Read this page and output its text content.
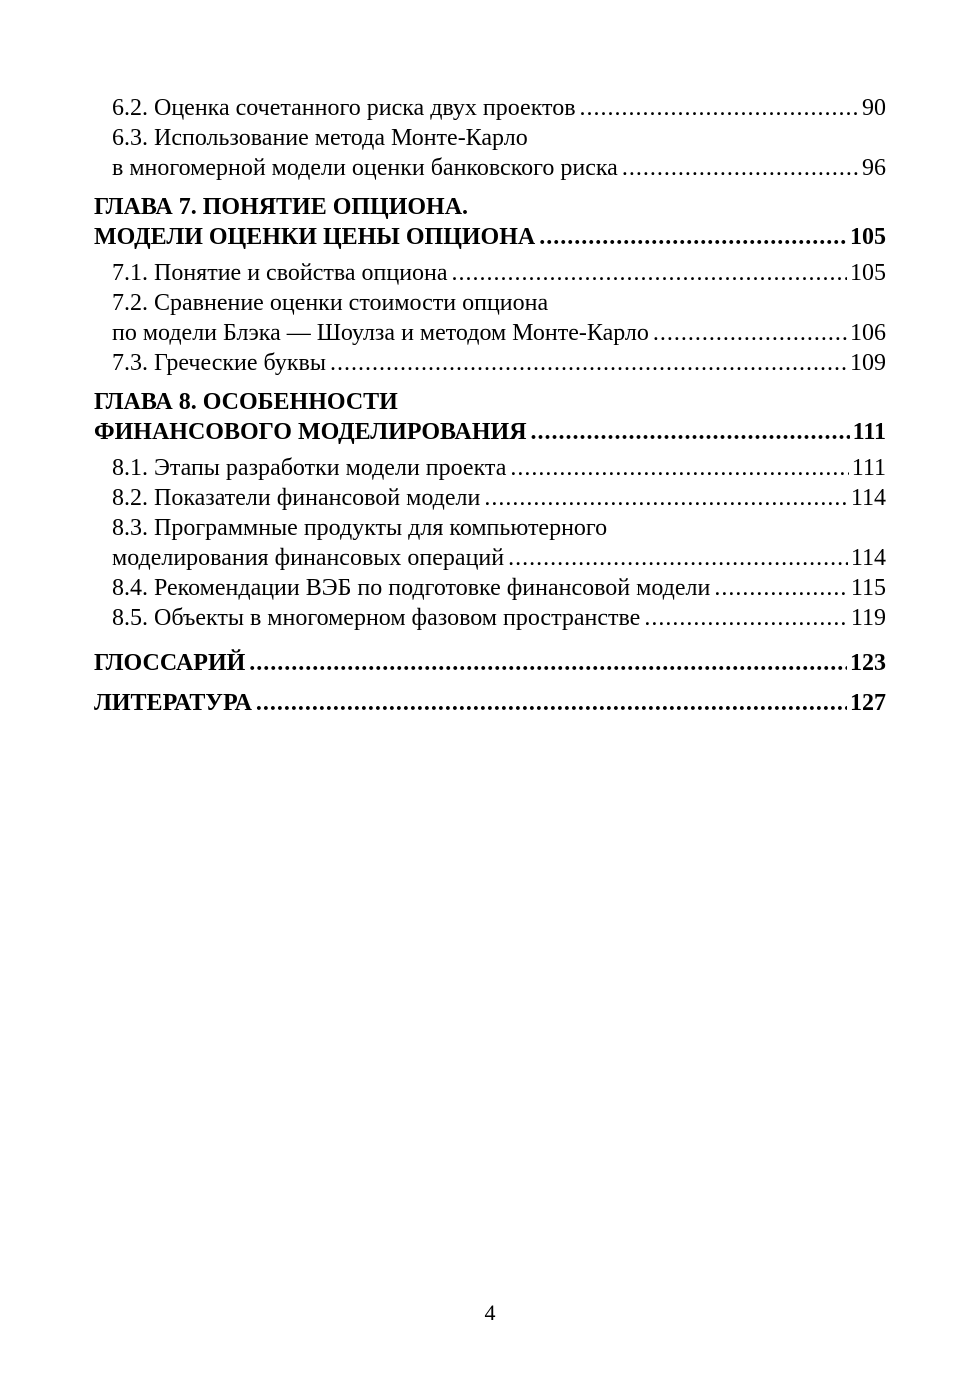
6.2. Оценка сочетанного риска двух проектов .....	90
6.3. Использование метода Монте-Карло
в многомерной модели оценки банковского риска .....	96
ГЛАВА 7. ПОНЯТИЕ ОПЦИОНА.
МОДЕЛИ ОЦЕНКИ ЦЕНЫ ОПЦИОНА .....	105
7.1. Понятие и свойства опциона .....	105
7.2. Сравнение оценки стоимости опциона
по модели Блэка — Шоулза и методом Монте-Карло .....	106
7.3. Греческие буквы .....	109
ГЛАВА 8. ОСОБЕННОСТИ
ФИНАНСОВОГО МОДЕЛИРОВАНИЯ .....	111
8.1. Этапы разработки модели проекта .....	111
8.2. Показатели финансовой модели .....	114
8.3. Программные продукты для компьютерного
моделирования финансовых операций .....	114
8.4. Рекомендации ВЭБ по подготовке финансовой модели .....	115
8.5. Объекты в многомерном фазовом пространстве .....	119
ГЛОССАРИЙ .....	123
ЛИТЕРАТУРА .....	127
4
